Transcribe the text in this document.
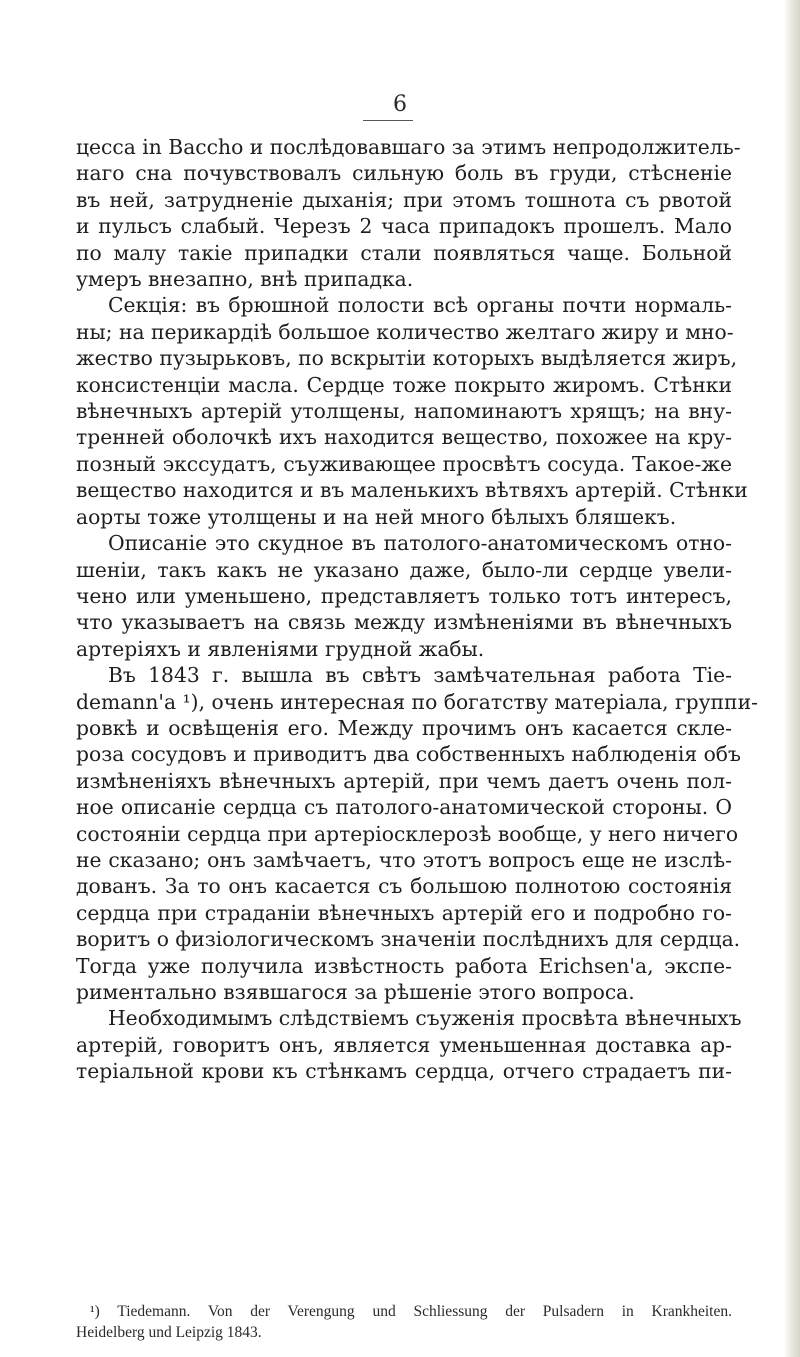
6
цесса in Bacchо и послѣдовавшаго за этимъ непродолжитель-
наго сна почувствовалъ сильную боль въ груди, стѣсненіе
въ ней, затрудненіе дыханія; при этомъ тошнота съ рвотой
и пульсъ слабый. Черезъ 2 часа припадокъ прошелъ. Мало
по малу такіе припадки стали появляться чаще. Больной
умеръ внезапно, внѣ припадка.
Секція: въ брюшной полости всѣ органы почти нормаль-
ны; на перикардіѣ большое количество желтаго жиру и мно-
жество пузырьковъ, по вскрытіи которыхъ выдѣляется жиръ,
консистенціи масла. Сердце тоже покрыто жиромъ. Стѣнки
вѣнечныхъ артерій утолщены, напоминаютъ хрящъ; на вну-
тренней оболочкѣ ихъ находится вещество, похожее на кру-
позный экссудатъ, съуживающее просвѣтъ сосуда. Такое-же
вещество находится и въ маленькихъ вѣтвяхъ артерій. Стѣнки
аорты тоже утолщены и на ней много бѣлыхъ бляшекъ.
Описаніе это скудное въ патолого-анатомическомъ отно-
шеніи, такъ какъ не указано даже, было-ли сердце увели-
чено или уменьшено, представляетъ только тотъ интересъ,
что указываетъ на связь между измѣненіями въ вѣнечныхъ
артеріяхъ и явленіями грудной жабы.
Въ 1843 г. вышла въ свѣтъ замѣчательная работа Tie-
demann'а ¹), очень интересная по богатству матеріала, группи-
ровкѣ и освѣщенія его. Между прочимъ онъ касается скле-
роза сосудовъ и приводитъ два собственныхъ наблюденія объ
измѣненіяхъ вѣнечныхъ артерій, при чемъ даетъ очень пол-
ное описаніе сердца съ патолого-анатомической стороны. О
состояніи сердца при артеріосклерозѣ вообще, у него ничего
не сказано; онъ замѣчаетъ, что этотъ вопросъ еще не изслѣ-
дованъ. За то онъ касается съ большою полнотою состоянія
сердца при страданіи вѣнечныхъ артерій его и подробно го-
воритъ о физіологическомъ значеніи послѣднихъ для сердца.
Тогда уже получила извѣстность работа Erichsen'а, экспе-
риментально взявшагося за рѣшеніе этого вопроса.
Необходимымъ слѣдствіемъ съуженія просвѣта вѣнечныхъ
артерій, говоритъ онъ, является уменьшенная доставка ар-
теріальной крови къ стѣнкамъ сердца, отчего страдаетъ пи-
¹) Tiedemann. Von der Verengung und Schliessung der Pulsadern in Krankheiten.
Heidelberg und Leipzig 1843.
